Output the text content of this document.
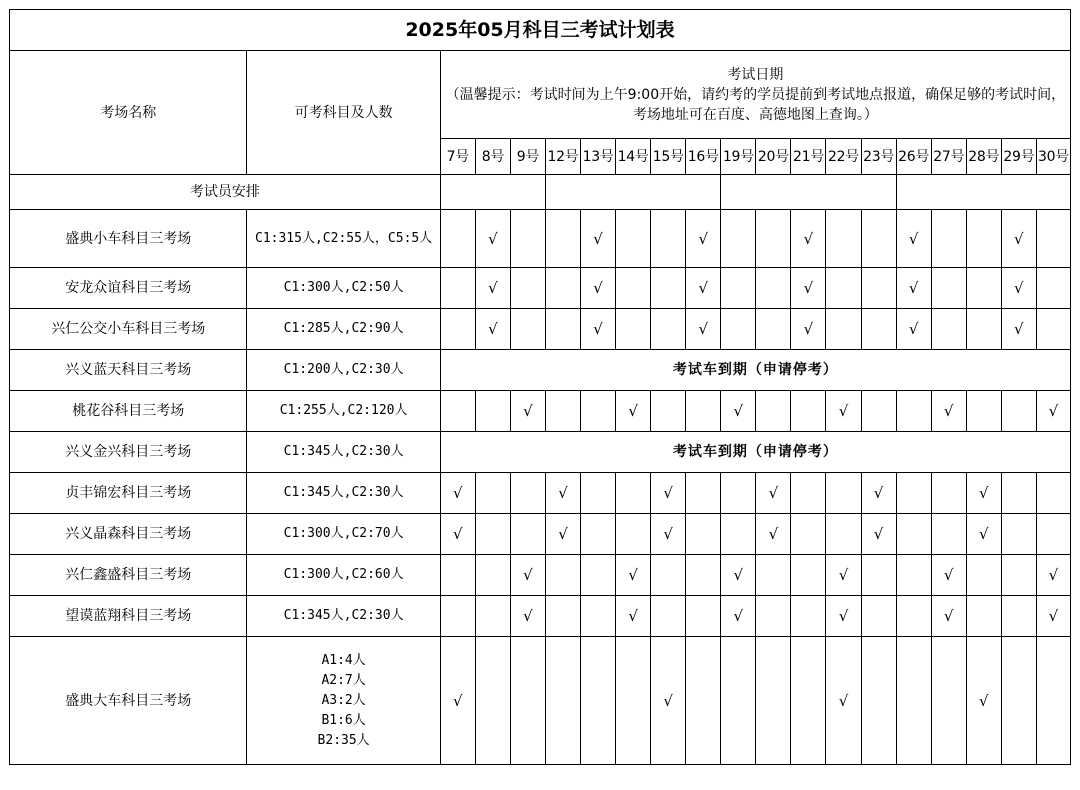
2025年05月科目三考试计划表																			
考场名称	可考科目及人数	考试日期
（温馨提示：考试时间为上午9:00开始，请约考的学员提前到考试地点报道，确保足够的考试时间，考场地址可在百度、高德地图上查询。）																	

		7号	8号	9号	12号	13号	14号	15号	16号	19号	20号	21号	22号	23号	26号	27号	28号	29号	30号
考试员安排																			
盛典小车科目三考场	C1:315人,C2:55人，C5:5人		√			√			√			√			√			√	
安龙众谊科目三考场	C1:300人,C2:50人		√			√			√			√			√			√	
兴仁公交小车科目三考场	C1:285人,C2:90人		√			√			√			√			√			√	
兴义蓝天科目三考场	C1:200人,C2:30人	考试车到期（申请停考）																	
桃花谷科目三考场	C1:255人,C2:120人			√			√			√			√			√			√
兴义金兴科目三考场	C1:345人,C2:30人	考试车到期（申请停考）																	
贞丰锦宏科目三考场	C1:345人,C2:30人	√			√			√			√			√			√		
兴义晶森科目三考场	C1:300人,C2:70人	√			√			√			√			√			√		
兴仁鑫盛科目三考场	C1:300人,C2:60人			√			√			√			√			√			√
望谟蓝翔科目三考场	C1:345人,C2:30人			√			√			√			√			√			√
盛典大车科目三考场	A1:4人
A2:7人
A3:2人
B1:6人
B2:35人	√						√					√				√		
